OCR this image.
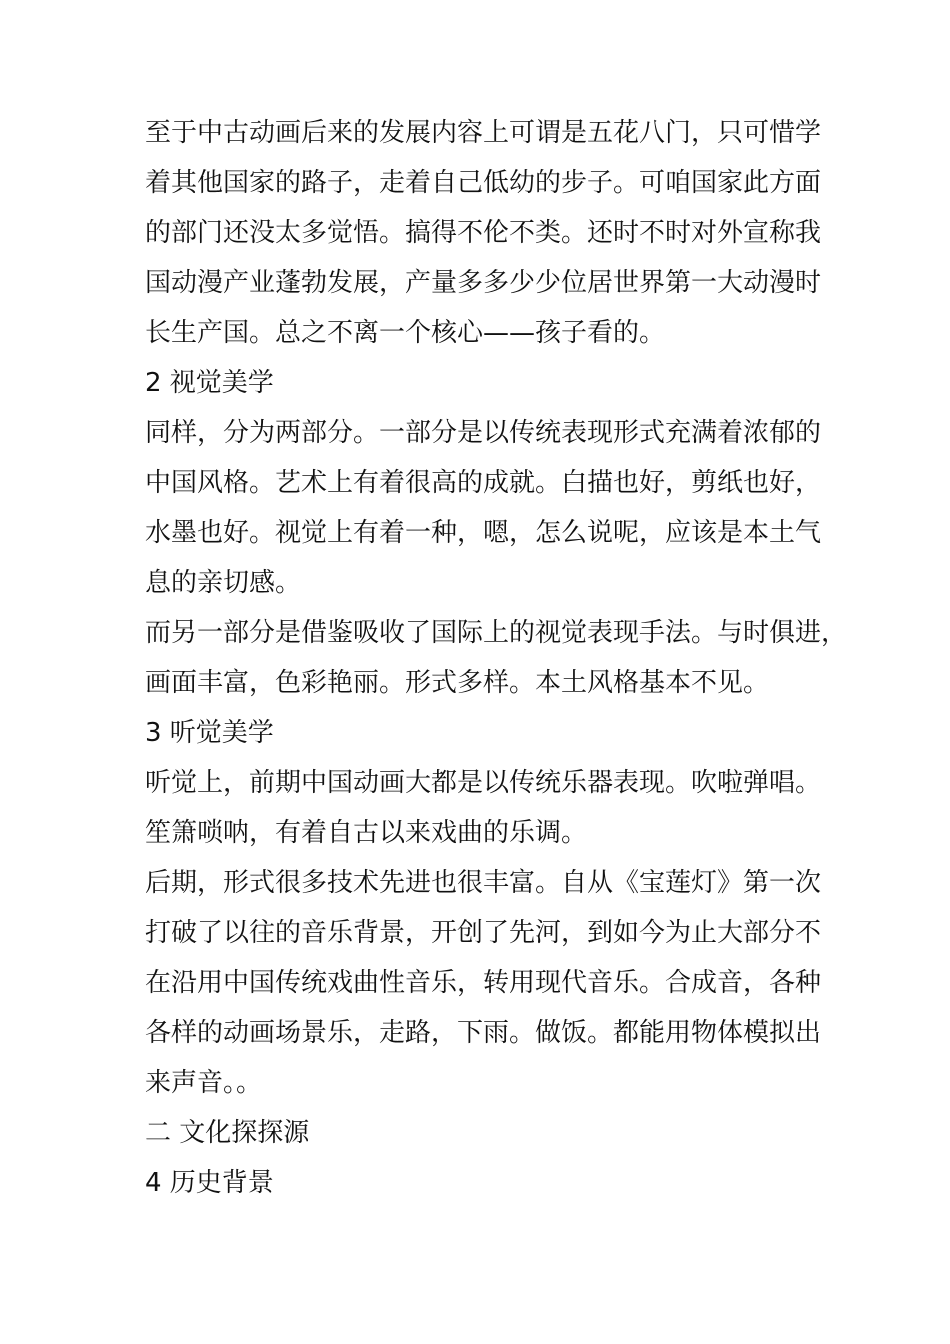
至于中古动画后来的发展内容上可谓是五花八门，只可惜学
着其他国家的路子，走着自己低幼的步子。可咱国家此方面
的部门还没太多觉悟。搞得不伦不类。还时不时对外宣称我
国动漫产业蓬勃发展，产量多多少少位居世界第一大动漫时
长生产国。总之不离一个核心——孩子看的。
2 视觉美学
同样，分为两部分。一部分是以传统表现形式充满着浓郁的
中国风格。艺术上有着很高的成就。白描也好，剪纸也好，
水墨也好。视觉上有着一种，嗯，怎么说呢，应该是本土气
息的亲切感。
而另一部分是借鉴吸收了国际上的视觉表现手法。与时俱进，
画面丰富，色彩艳丽。形式多样。本土风格基本不见。
3 听觉美学
听觉上，前期中国动画大都是以传统乐器表现。吹啦弹唱。
笙箫唢呐，有着自古以来戏曲的乐调。
后期，形式很多技术先进也很丰富。自从《宝莲灯》第一次
打破了以往的音乐背景，开创了先河，到如今为止大部分不
在沿用中国传统戏曲性音乐，转用现代音乐。合成音，各种
各样的动画场景乐，走路，下雨。做饭。都能用物体模拟出
来声音。。
二 文化探探源
4 历史背景
